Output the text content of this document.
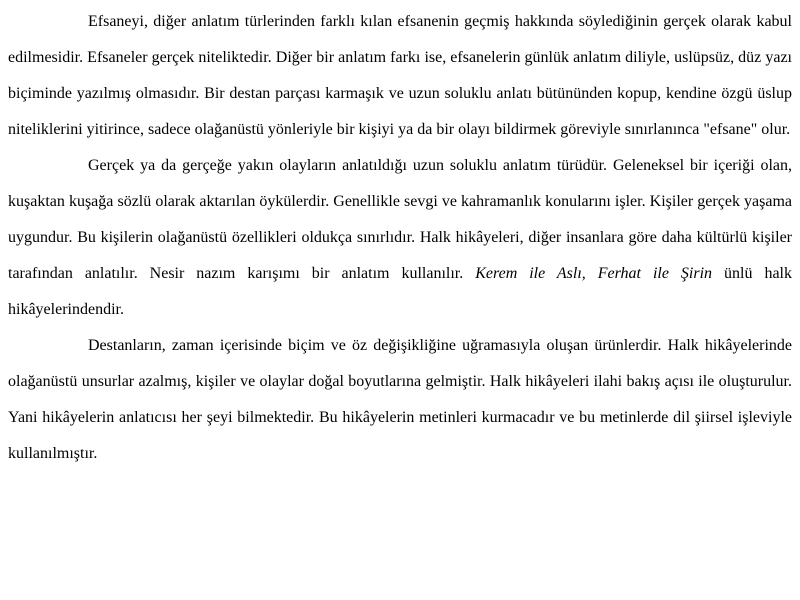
Efsaneyi, diğer anlatım türlerinden farklı kılan efsanenin geçmiş hakkında söylediğinin gerçek olarak kabul edilmesidir. Efsaneler gerçek niteliktedir. Diğer bir anlatım farkı ise, efsanelerin günlük anlatım diliyle, uslüpsüz, düz yazı biçiminde yazılmış olmasıdır. Bir destan parçası karmaşık ve uzun soluklu anlatı bütününden kopup, kendine özgü üslup niteliklerini yitirince, sadece olağanüstü yönleriyle bir kişiyi ya da bir olayı bildirmek göreviyle sınırlanınca "efsane" olur.

Gerçek ya da gerçeğe yakın olayların anlatıldığı uzun soluklu anlatım türüdür. Geleneksel bir içeriği olan, kuşaktan kuşağa sözlü olarak aktarılan öykülerdir. Genellikle sevgi ve kahramanlık konularını işler. Kişiler gerçek yaşama uygundur. Bu kişilerin olağanüstü özellikleri oldukça sınırlıdır. Halk hikâyeleri, diğer insanlara göre daha kültürlü kişiler tarafından anlatılır. Nesir nazım karışımı bir anlatım kullanılır. Kerem ile Aslı, Ferhat ile Şirin ünlü halk hikâyelerindendir.

Destanların, zaman içerisinde biçim ve öz değişikliğine uğramasıyla oluşan ürünlerdir. Halk hikâyelerinde olağanüstü unsurlar azalmış, kişiler ve olaylar doğal boyutlarına gelmiştir. Halk hikâyeleri ilahi bakış açısı ile oluşturulur. Yani hikâyelerin anlatıcısı her şeyi bilmektedir. Bu hikâyelerin metinleri kurmacadır ve bu metinlerde dil şiirsel işleviyle kullanılmıştır.
